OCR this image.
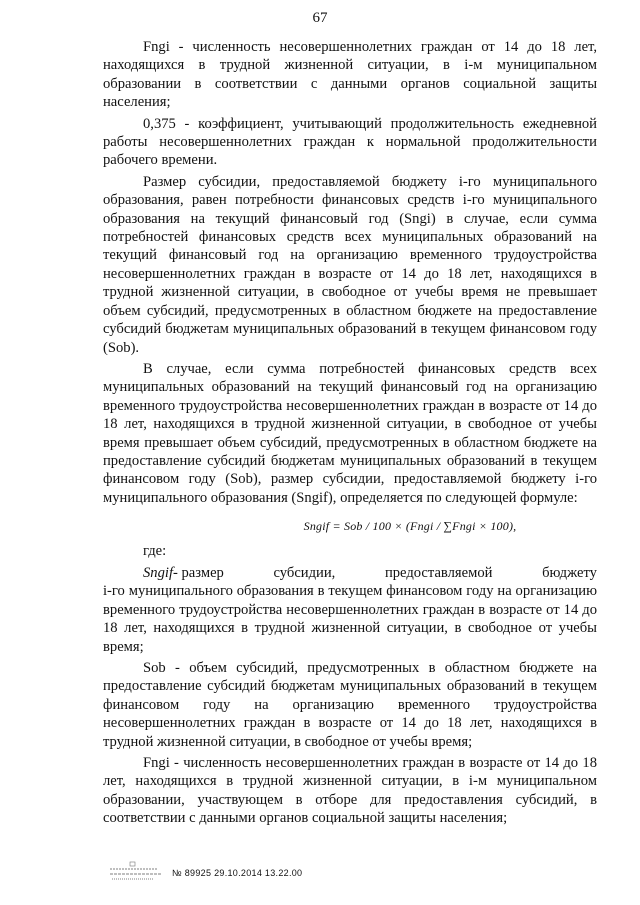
67

Fngi - численность несовершеннолетних граждан от 14 до 18 лет, находящихся в трудной жизненной ситуации, в i-м муниципальном образовании в соответствии с данными органов социальной защиты населения;

0,375 - коэффициент, учитывающий продолжительность ежедневной работы несовершеннолетних граждан к нормальной продолжительности рабочего времени.

Размер субсидии, предоставляемой бюджету i-го муниципального образования, равен потребности финансовых средств i-го муниципального образования на текущий финансовый год (Sngi) в случае, если сумма потребностей финансовых средств всех муниципальных образований на текущий финансовый год на организацию временного трудоустройства несовершеннолетних граждан в возрасте от 14 до 18 лет, находящихся в трудной жизненной ситуации, в свободное от учебы время не превышает объем субсидий, предусмотренных в областном бюджете на предоставление субсидий бюджетам муниципальных образований в текущем финансовом году (Sob).

В случае, если сумма потребностей финансовых средств всех муниципальных образований на текущий финансовый год на организацию временного трудоустройства несовершеннолетних граждан в возрасте от 14 до 18 лет, находящихся в трудной жизненной ситуации, в свободное от учебы время превышает объем субсидий, предусмотренных в областном бюджете на предоставление субсидий бюджетам муниципальных образований в текущем финансовом году (Sob), размер субсидии, предоставляемой бюджету i-го муниципального образования (Sngif), определяется по следующей формуле:

Sngif = Sob / 100 × (Fngi / ∑Fngi × 100),

где:

Sngif- размер	субсидии,	предоставляемой	бюджету

i-го муниципального образования в текущем финансовом году на организацию временного трудоустройства несовершеннолетних граждан в возрасте от 14 до 18 лет, находящихся в трудной жизненной ситуации, в свободное от учебы время;

Sob - объем субсидий, предусмотренных в областном бюджете на предоставление субсидий бюджетам муниципальных образований в текущем финансовом году на организацию временного трудоустройства несовершеннолетних граждан в возрасте от 14 до 18 лет, находящихся в трудной жизненной ситуации, в свободное от учебы время;

Fngi - численность несовершеннолетних граждан в возрасте от 14 до 18 лет, находящихся в трудной жизненной ситуации, в i-м муниципальном образовании, участвующем в отборе для предоставления субсидий, в соответствии с данными органов социальной защиты населения;

№ 89925 29.10.2014 13.22.00
